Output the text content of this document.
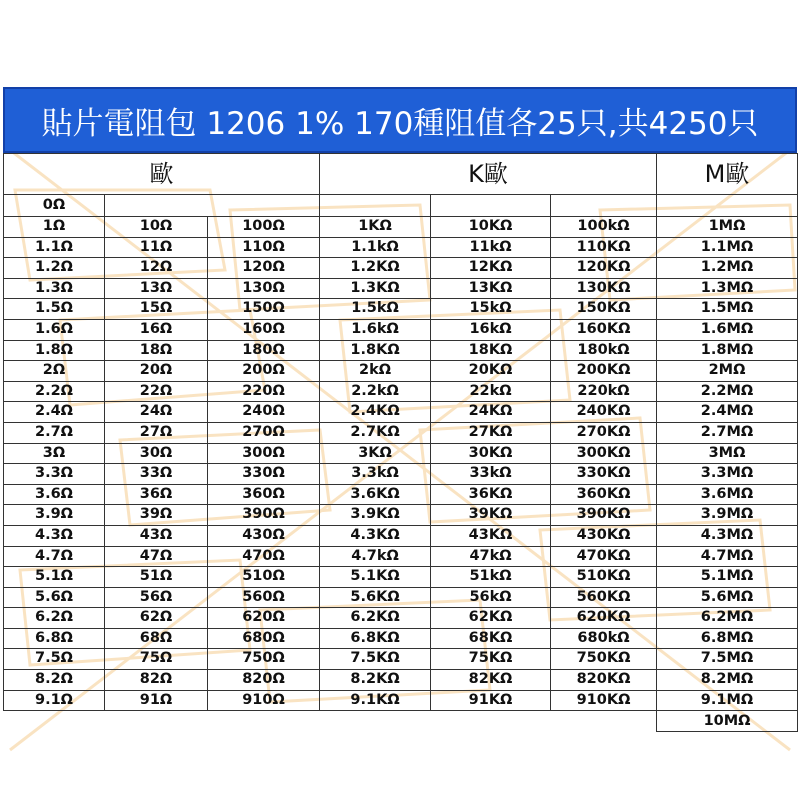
貼片電阻包 1206 1% 170種阻值各25只,共4250只
歐			K歐			M歐
0Ω						
1Ω	10Ω	100Ω	1KΩ	10KΩ	100kΩ	1MΩ
1.1Ω	11Ω	110Ω	1.1kΩ	11kΩ	110KΩ	1.1MΩ
1.2Ω	12Ω	120Ω	1.2KΩ	12KΩ	120KΩ	1.2MΩ
1.3Ω	13Ω	130Ω	1.3KΩ	13KΩ	130KΩ	1.3MΩ
1.5Ω	15Ω	150Ω	1.5kΩ	15kΩ	150KΩ	1.5MΩ
1.6Ω	16Ω	160Ω	1.6kΩ	16kΩ	160KΩ	1.6MΩ
1.8Ω	18Ω	180Ω	1.8KΩ	18KΩ	180kΩ	1.8MΩ
2Ω	20Ω	200Ω	2kΩ	20KΩ	200KΩ	2MΩ
2.2Ω	22Ω	220Ω	2.2kΩ	22kΩ	220kΩ	2.2MΩ
2.4Ω	24Ω	240Ω	2.4KΩ	24KΩ	240KΩ	2.4MΩ
2.7Ω	27Ω	270Ω	2.7KΩ	27KΩ	270KΩ	2.7MΩ
3Ω	30Ω	300Ω	3KΩ	30KΩ	300KΩ	3MΩ
3.3Ω	33Ω	330Ω	3.3kΩ	33kΩ	330KΩ	3.3MΩ
3.6Ω	36Ω	360Ω	3.6KΩ	36KΩ	360KΩ	3.6MΩ
3.9Ω	39Ω	390Ω	3.9KΩ	39KΩ	390KΩ	3.9MΩ
4.3Ω	43Ω	430Ω	4.3KΩ	43KΩ	430KΩ	4.3MΩ
4.7Ω	47Ω	470Ω	4.7kΩ	47kΩ	470KΩ	4.7MΩ
5.1Ω	51Ω	510Ω	5.1KΩ	51kΩ	510KΩ	5.1MΩ
5.6Ω	56Ω	560Ω	5.6KΩ	56kΩ	560KΩ	5.6MΩ
6.2Ω	62Ω	620Ω	6.2KΩ	62KΩ	620KΩ	6.2MΩ
6.8Ω	68Ω	680Ω	6.8KΩ	68KΩ	680kΩ	6.8MΩ
7.5Ω	75Ω	750Ω	7.5KΩ	75KΩ	750KΩ	7.5MΩ
8.2Ω	82Ω	820Ω	8.2KΩ	82KΩ	820KΩ	8.2MΩ
9.1Ω	91Ω	910Ω	9.1KΩ	91KΩ	910KΩ	9.1MΩ
						10MΩ
